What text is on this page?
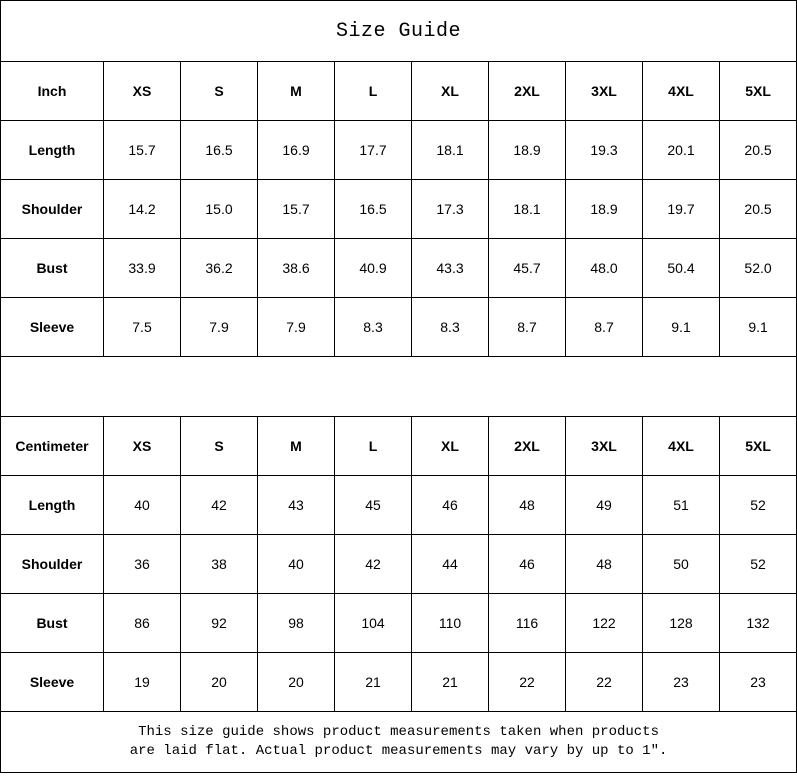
Size Guide									
Inch	XS	S	M	L	XL	2XL	3XL	4XL	5XL
Length	15.7	16.5	16.9	17.7	18.1	18.9	19.3	20.1	20.5
Shoulder	14.2	15.0	15.7	16.5	17.3	18.1	18.9	19.7	20.5
Bust	33.9	36.2	38.6	40.9	43.3	45.7	48.0	50.4	52.0
Sleeve	7.5	7.9	7.9	8.3	8.3	8.7	8.7	9.1	9.1

Centimeter	XS	S	M	L	XL	2XL	3XL	4XL	5XL
Length	40	42	43	45	46	48	49	51	52
Shoulder	36	38	40	42	44	46	48	50	52
Bust	86	92	98	104	110	116	122	128	132
Sleeve	19	20	20	21	21	22	22	23	23

This size guide shows product measurements taken when products
are laid flat. Actual product measurements may vary by up to 1″.									
